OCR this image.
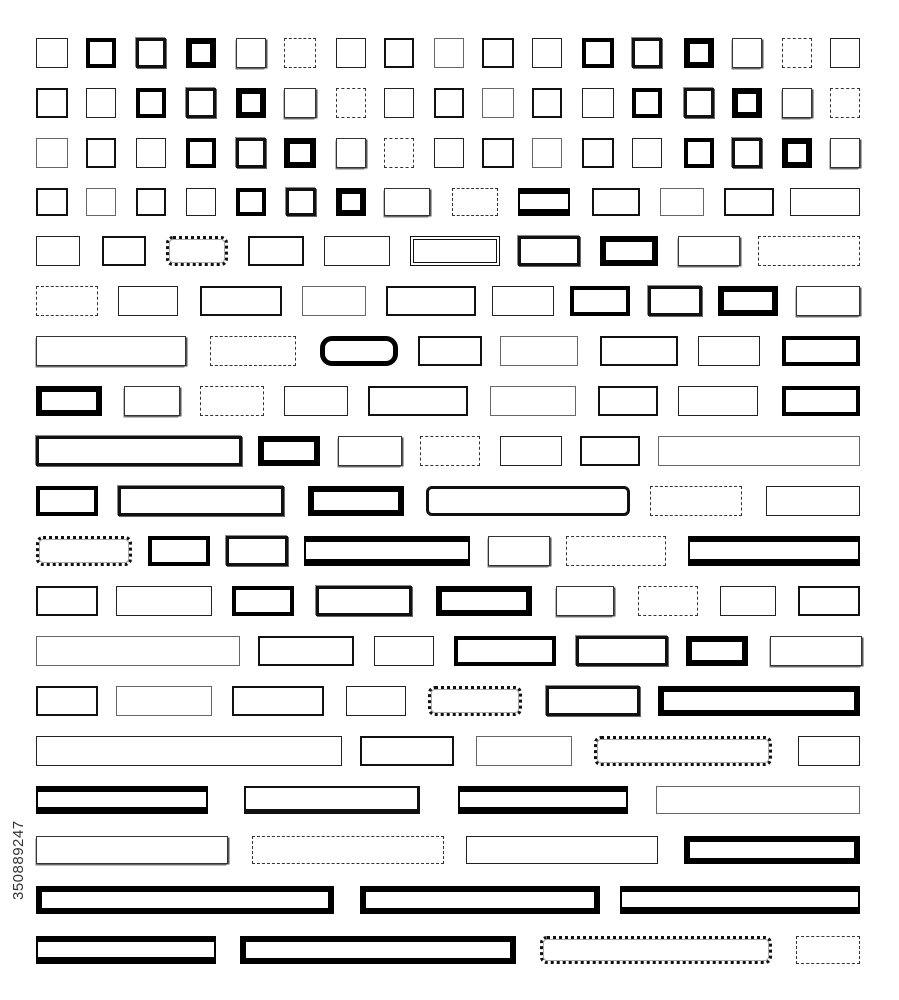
350889247
